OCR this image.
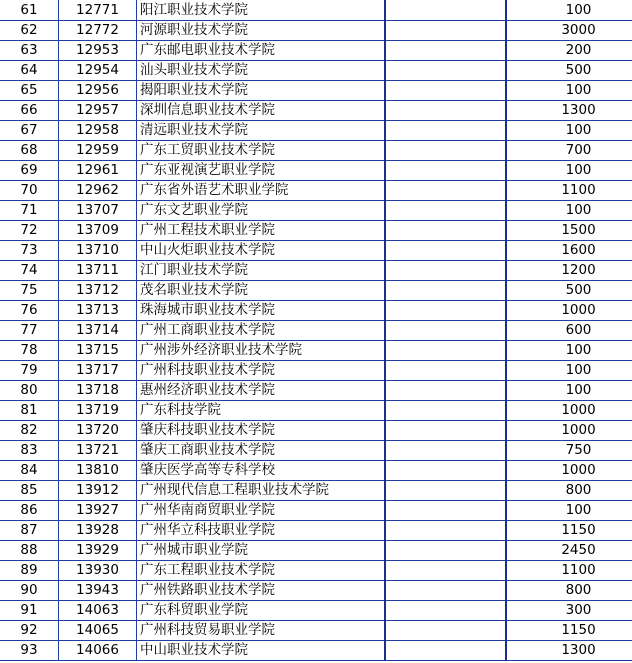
61	12771	阳江职业技术学院		100	
62	12772	河源职业技术学院		3000	
63	12953	广东邮电职业技术学院		200	
64	12954	汕头职业技术学院		500	
65	12956	揭阳职业技术学院		100	
66	12957	深圳信息职业技术学院		1300	
67	12958	清远职业技术学院		100	
68	12959	广东工贸职业技术学院		700	
69	12961	广东亚视演艺职业学院		100	
70	12962	广东省外语艺术职业学院		1100	
71	13707	广东文艺职业学院		100	
72	13709	广州工程技术职业学院		1500	
73	13710	中山火炬职业技术学院		1600	
74	13711	江门职业技术学院		1200	
75	13712	茂名职业技术学院		500	
76	13713	珠海城市职业技术学院		1000	
77	13714	广州工商职业技术学院		600	
78	13715	广州涉外经济职业技术学院		100	
79	13717	广州科技职业技术学院		100	
80	13718	惠州经济职业技术学院		100	
81	13719	广东科技学院		1000	
82	13720	肇庆科技职业技术学院		1000	
83	13721	肇庆工商职业技术学院		750	
84	13810	肇庆医学高等专科学校		1000	
85	13912	广州现代信息工程职业技术学院		800	
86	13927	广州华南商贸职业学院		100	
87	13928	广州华立科技职业学院		1150	
88	13929	广州城市职业学院		2450	
89	13930	广东工程职业技术学院		1100	
90	13943	广州铁路职业技术学院		800	
91	14063	广东科贸职业学院		300	
92	14065	广州科技贸易职业学院		1150	
93	14066	中山职业技术学院		1300	
